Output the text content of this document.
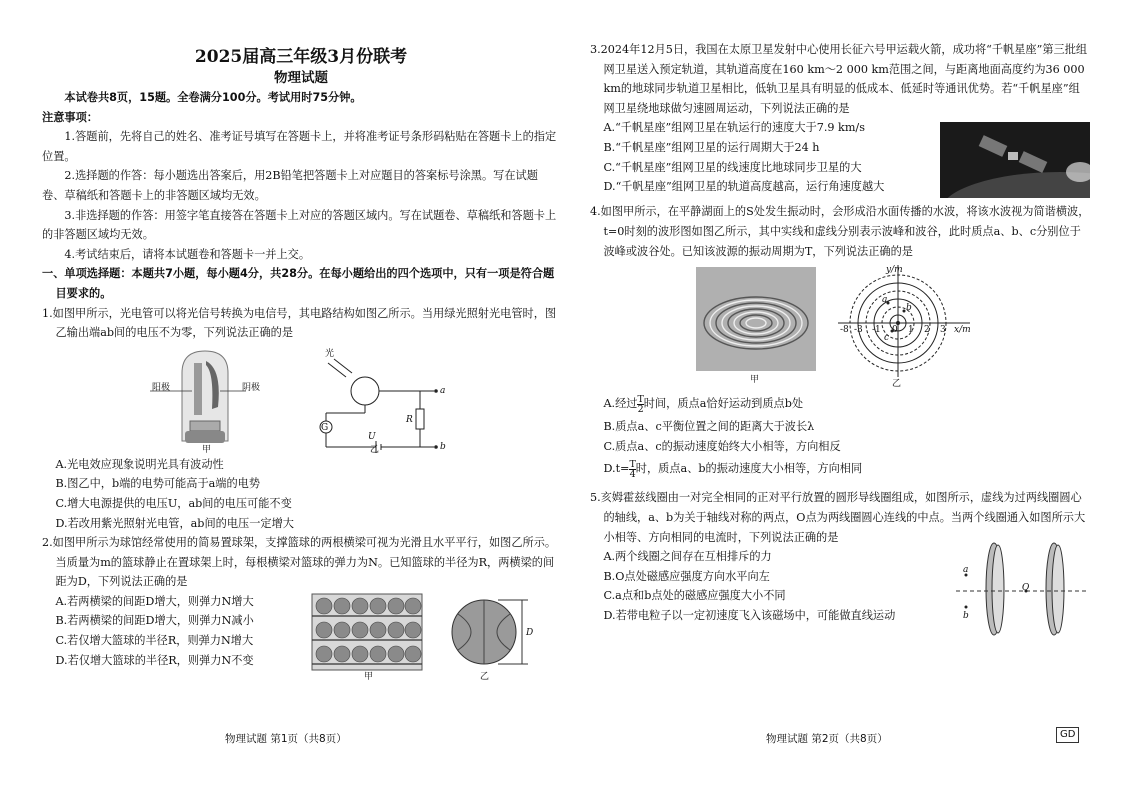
2025届高三年级3月份联考
物理试题

本试卷共8页，15题。全卷满分100分。考试用时75分钟。

注意事项：

1.答题前，先将自己的姓名、准考证号填写在答题卡上，并将准考证号条形码粘贴在答题卡上的指定位置。

2.选择题的作答：每小题选出答案后，用2B铅笔把答题卡上对应题目的答案标号涂黑。写在试题卷、草稿纸和答题卡上的非答题区域均无效。

3.非选择题的作答：用签字笔直接答在答题卡上对应的答题区域内。写在试题卷、草稿纸和答题卡上的非答题区域均无效。

4.考试结束后，请将本试题卷和答题卡一并上交。

一、单项选择题：本题共7小题，每小题4分，共28分。在每小题给出的四个选项中，只有一项是符合题目要求的。

1.如图甲所示，光电管可以将光信号转换为电信号，其电路结构如图乙所示。当用绿光照射光电管时，图乙输出端ab间的电压不为零，下列说法正确的是

阳极	阴极
甲
光
G
U
R
a
b
乙

A.光电效应现象说明光具有波动性

B.图乙中，b端的电势可能高于a端的电势

C.增大电源提供的电压U，ab间的电压可能不变

D.若改用紫光照射光电管，ab间的电压一定增大

2.如图甲所示为球馆经常使用的简易置球架，支撑篮球的两根横梁可视为光滑且水平平行，如图乙所示。当质量为m的篮球静止在置球架上时，每根横梁对篮球的弹力为N。已知篮球的半径为R，两横梁的间距为D，下列说法正确的是

A.若两横梁的间距D增大，则弹力N增大

B.若两横梁的间距D增大，则弹力N减小

C.若仅增大篮球的半径R，则弹力N增大

D.若仅增大篮球的半径R，则弹力N不变

甲	乙
D
物理试题 第1页（共8页）

3.2024年12月5日，我国在太原卫星发射中心使用长征六号甲运载火箭，成功将“千帆星座”第三批组网卫星送入预定轨道，其轨道高度在160 km～2 000 km范围之间，与距离地面高度约为36 000 km的地球同步轨道卫星相比，低轨卫星具有明显的低成本、低延时等通讯优势。若“千帆星座”组网卫星绕地球做匀速圆周运动，下列说法正确的是

A.“千帆星座”组网卫星在轨运行的速度大于7.9 km/s

B.“千帆星座”组网卫星的运行周期大于24 h

C.“千帆星座”组网卫星的线速度比地球同步卫星的大

D.“千帆星座”组网卫星的轨道高度越高，运行角速度越大

4.如图甲所示，在平静湖面上的S处发生振动时，会形成沿水面传播的水波，将该水波视为简谐横波，t=0时刻的波形图如图乙所示，其中实线和虚线分别表示波峰和波谷，此时质点a、b、c分别位于波峰或波谷处。已知该波源的振动周期为T，下列说法正确的是

y/m
x/m
-8 -3 -1 0 1 2 3
a
b
c
甲	乙

A.经过 $\frac{T}{2}$ 时间，质点a恰好运动到质点b处

B.质点a、c平衡位置之间的距离大于波长λ

C.质点a、c的振动速度始终大小相等，方向相反

$D.t= \frac{T}{4}$ 时，质点a、b的振动速度大小相等，方向相同

5.亥姆霍兹线圈由一对完全相同的正对平行放置的圆形导线圈组成，如图所示，虚线为过两线圈圆心的轴线，a、b为关于轴线对称的两点，O点为两线圈圆心连线的中点。当两个线圈通入如图所示大小相等、方向相同的电流时，下列说法正确的是

A.两个线圈之间存在互相排斥的力

B.O点处磁感应强度方向水平向左

C.a点和b点处的磁感应强度大小不同

D.若带电粒子以一定初速度飞入该磁场中，可能做直线运动

a
b
O
物理试题 第2页（共8页）	GD
